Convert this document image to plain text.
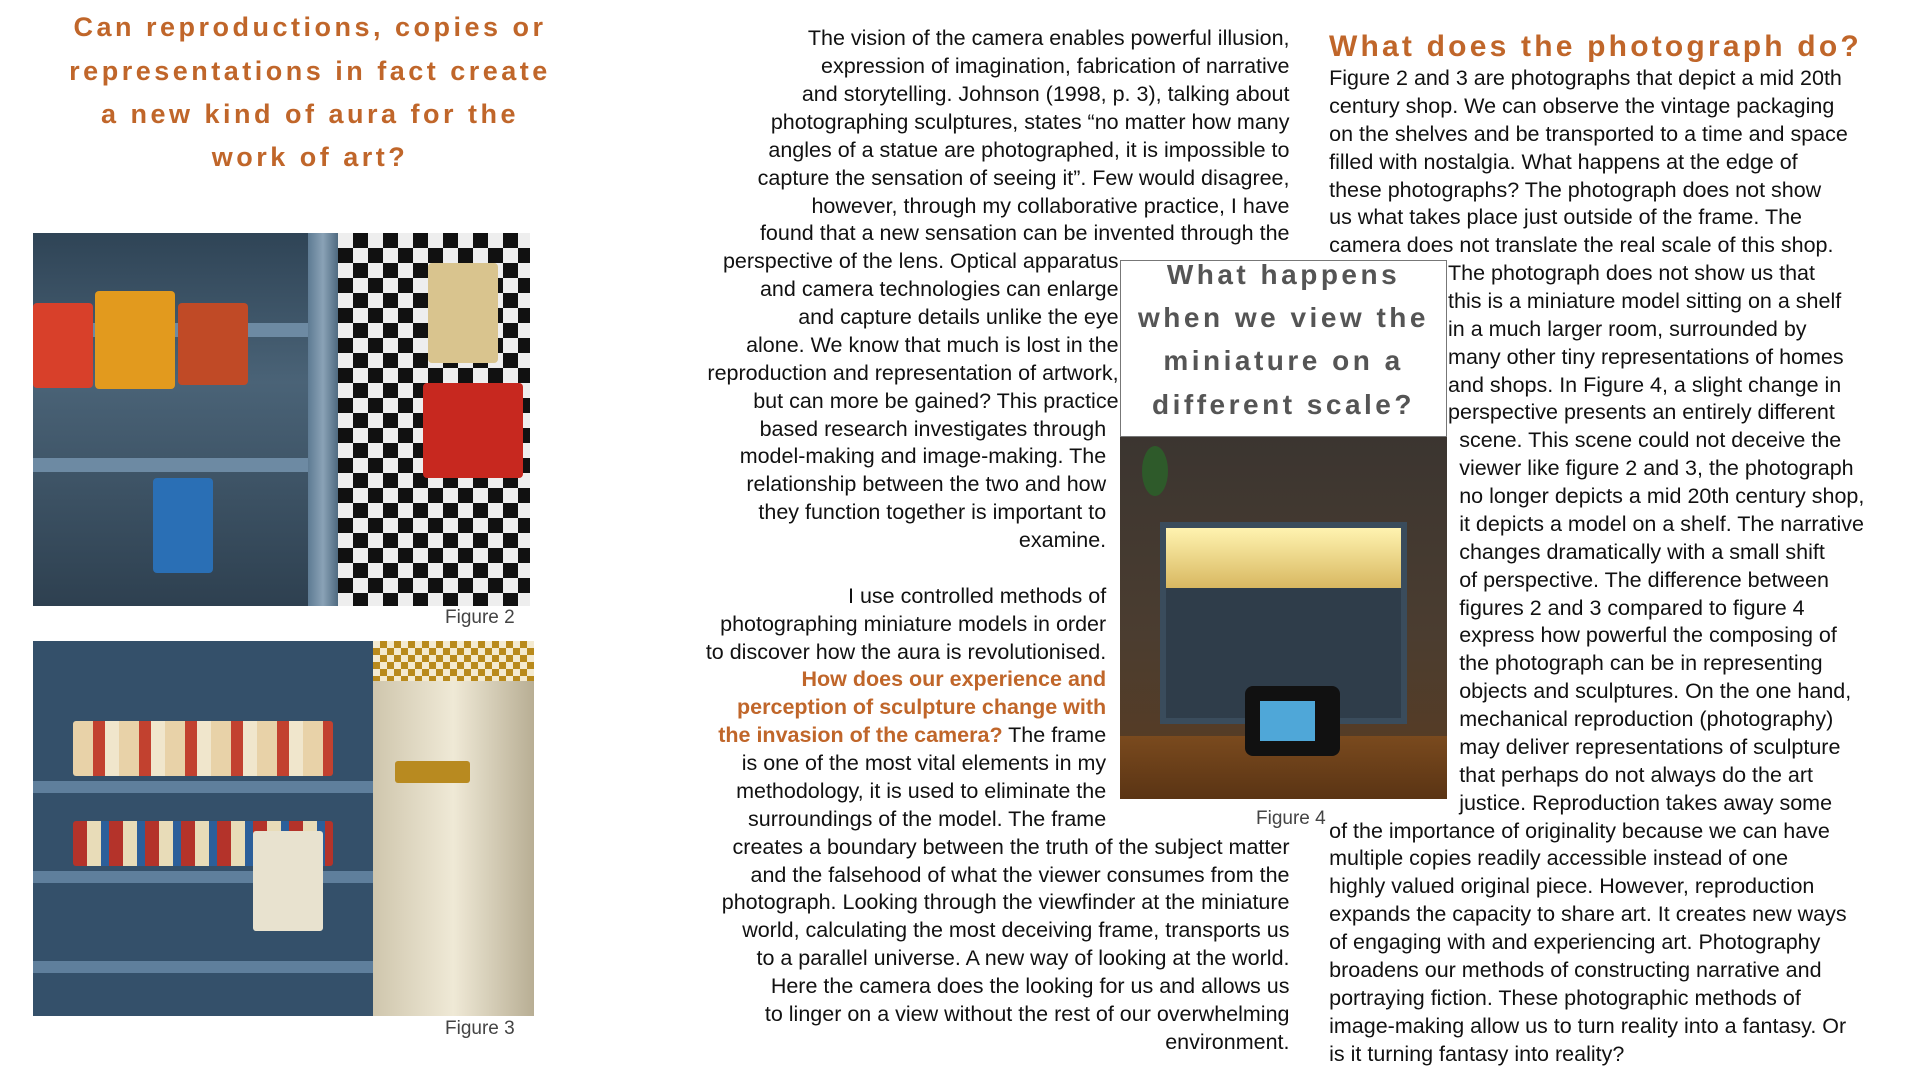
Can reproductions, copies or
representations in fact create
a new kind of aura for the
work of art?
Figure 2
Figure 3
Figure 4
What happens
when we view the
miniature on a
different scale?
The vision of the camera enables powerful illusion,
expression of imagination, fabrication of narrative
and storytelling. Johnson (1998, p. 3), talking about
photographing sculptures, states “no matter how many
angles of a statue are photographed, it is impossible to
capture the sensation of seeing it”. Few would disagree,
however, through my collaborative practice, I have
found that a new sensation can be invented through the
perspective of the lens. Optical apparatus
and camera technologies can enlarge
and capture details unlike the eye
alone. We know that much is lost in the
reproduction and representation of artwork,
but can more be gained? This practice
based research investigates through
model-making and image-making. The
relationship between the two and how
they function together is important to
examine.
I use controlled methods of
photographing miniature models in order
to discover how the aura is revolutionised.
How does our experience and
perception of sculpture change with
the invasion of the camera? The frame
is one of the most vital elements in my
methodology, it is used to eliminate the
surroundings of the model. The frame
creates a boundary between the truth of the subject matter
and the falsehood of what the viewer consumes from the
photograph. Looking through the viewfinder at the miniature
world, calculating the most deceiving frame, transports us
to a parallel universe. A new way of looking at the world.
Here the camera does the looking for us and allows us
to linger on a view without the rest of our overwhelming
environment.
What does the photograph do?
Figure 2 and 3 are photographs that depict a mid 20th
century shop. We can observe the vintage packaging
on the shelves and be transported to a time and space
filled with nostalgia. What happens at the edge of
these photographs? The photograph does not show
us what takes place just outside of the frame. The
camera does not translate the real scale of this shop.
The photograph does not show us that
this is a miniature model sitting on a shelf
in a much larger room, surrounded by
many other tiny representations of homes
and shops. In Figure 4, a slight change in
perspective presents an entirely different
scene. This scene could not deceive the
viewer like figure 2 and 3, the photograph
no longer depicts a mid 20th century shop,
it depicts a model on a shelf. The narrative
changes dramatically with a small shift
of perspective. The difference between
figures 2 and 3 compared to figure 4
express how powerful the composing of
the photograph can be in representing
objects and sculptures. On the one hand,
mechanical reproduction (photography)
may deliver representations of sculpture
that perhaps do not always do the art
justice. Reproduction takes away some
of the importance of originality because we can have
multiple copies readily accessible instead of one
highly valued original piece. However, reproduction
expands the capacity to share art. It creates new ways
of engaging with and experiencing art. Photography
broadens our methods of constructing narrative and
portraying fiction. These photographic methods of
image-making allow us to turn reality into a fantasy. Or
is it turning fantasy into reality?
